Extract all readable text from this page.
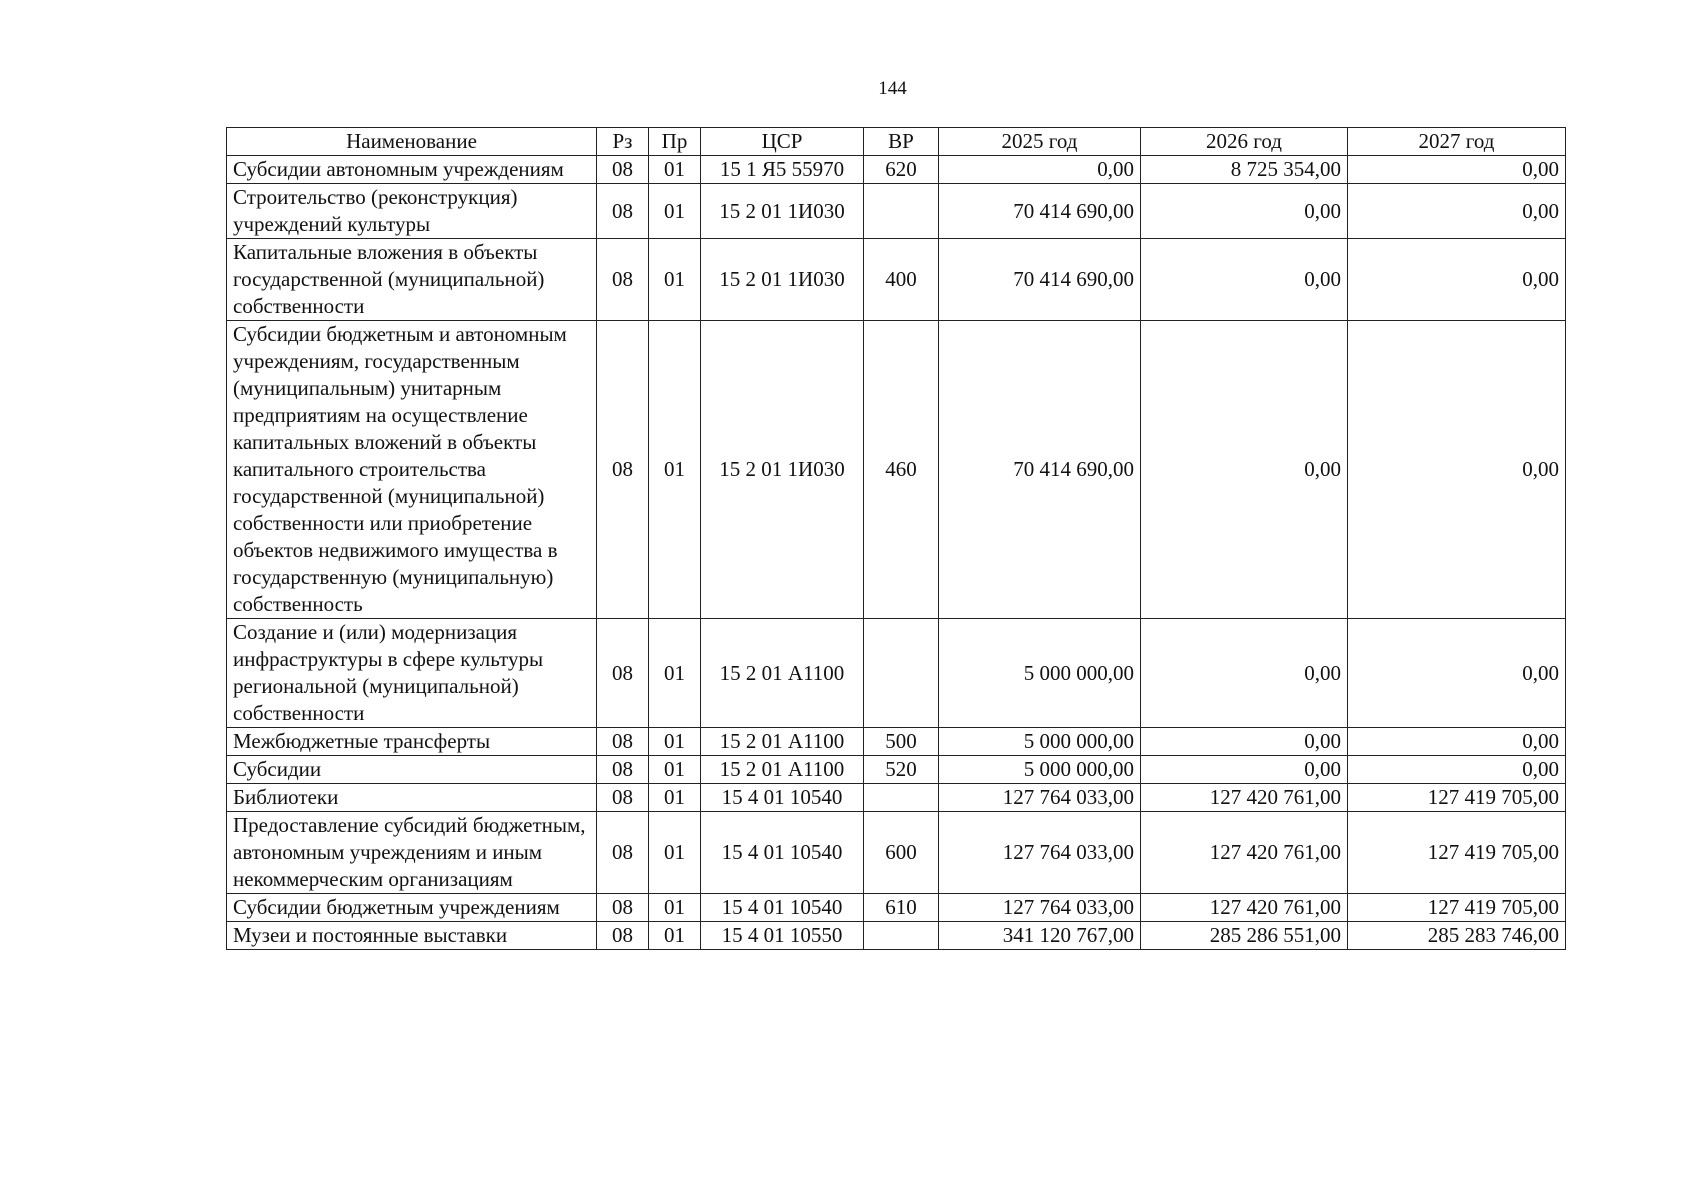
144
Наименование	Рз	Пр	ЦСР	ВР	2025 год	2026 год	2027 год
Субсидии автономным учреждениям	08	01	15 1 Я5 55970	620	0,00	8 725 354,00	0,00
Строительство (реконструкция) учреждений культуры	08	01	15 2 01 1И030		70 414 690,00	0,00	0,00
Капитальные вложения в объекты государственной (муниципальной) собственности	08	01	15 2 01 1И030	400	70 414 690,00	0,00	0,00
Субсидии бюджетным и автономным учреждениям, государственным (муниципальным) унитарным предприятиям на осуществление капитальных вложений в объекты капитального строительства государственной (муниципальной) собственности или приобретение объектов недвижимого имущества в государственную (муниципальную) собственность	08	01	15 2 01 1И030	460	70 414 690,00	0,00	0,00
Создание и (или) модернизация инфраструктуры в сфере культуры региональной (муниципальной) собственности	08	01	15 2 01 А1100		5 000 000,00	0,00	0,00
Межбюджетные трансферты	08	01	15 2 01 А1100	500	5 000 000,00	0,00	0,00
Субсидии	08	01	15 2 01 А1100	520	5 000 000,00	0,00	0,00
Библиотеки	08	01	15 4 01 10540		127 764 033,00	127 420 761,00	127 419 705,00
Предоставление субсидий бюджетным, автономным учреждениям и иным некоммерческим организациям	08	01	15 4 01 10540	600	127 764 033,00	127 420 761,00	127 419 705,00
Субсидии бюджетным учреждениям	08	01	15 4 01 10540	610	127 764 033,00	127 420 761,00	127 419 705,00
Музеи и постоянные выставки	08	01	15 4 01 10550		341 120 767,00	285 286 551,00	285 283 746,00
